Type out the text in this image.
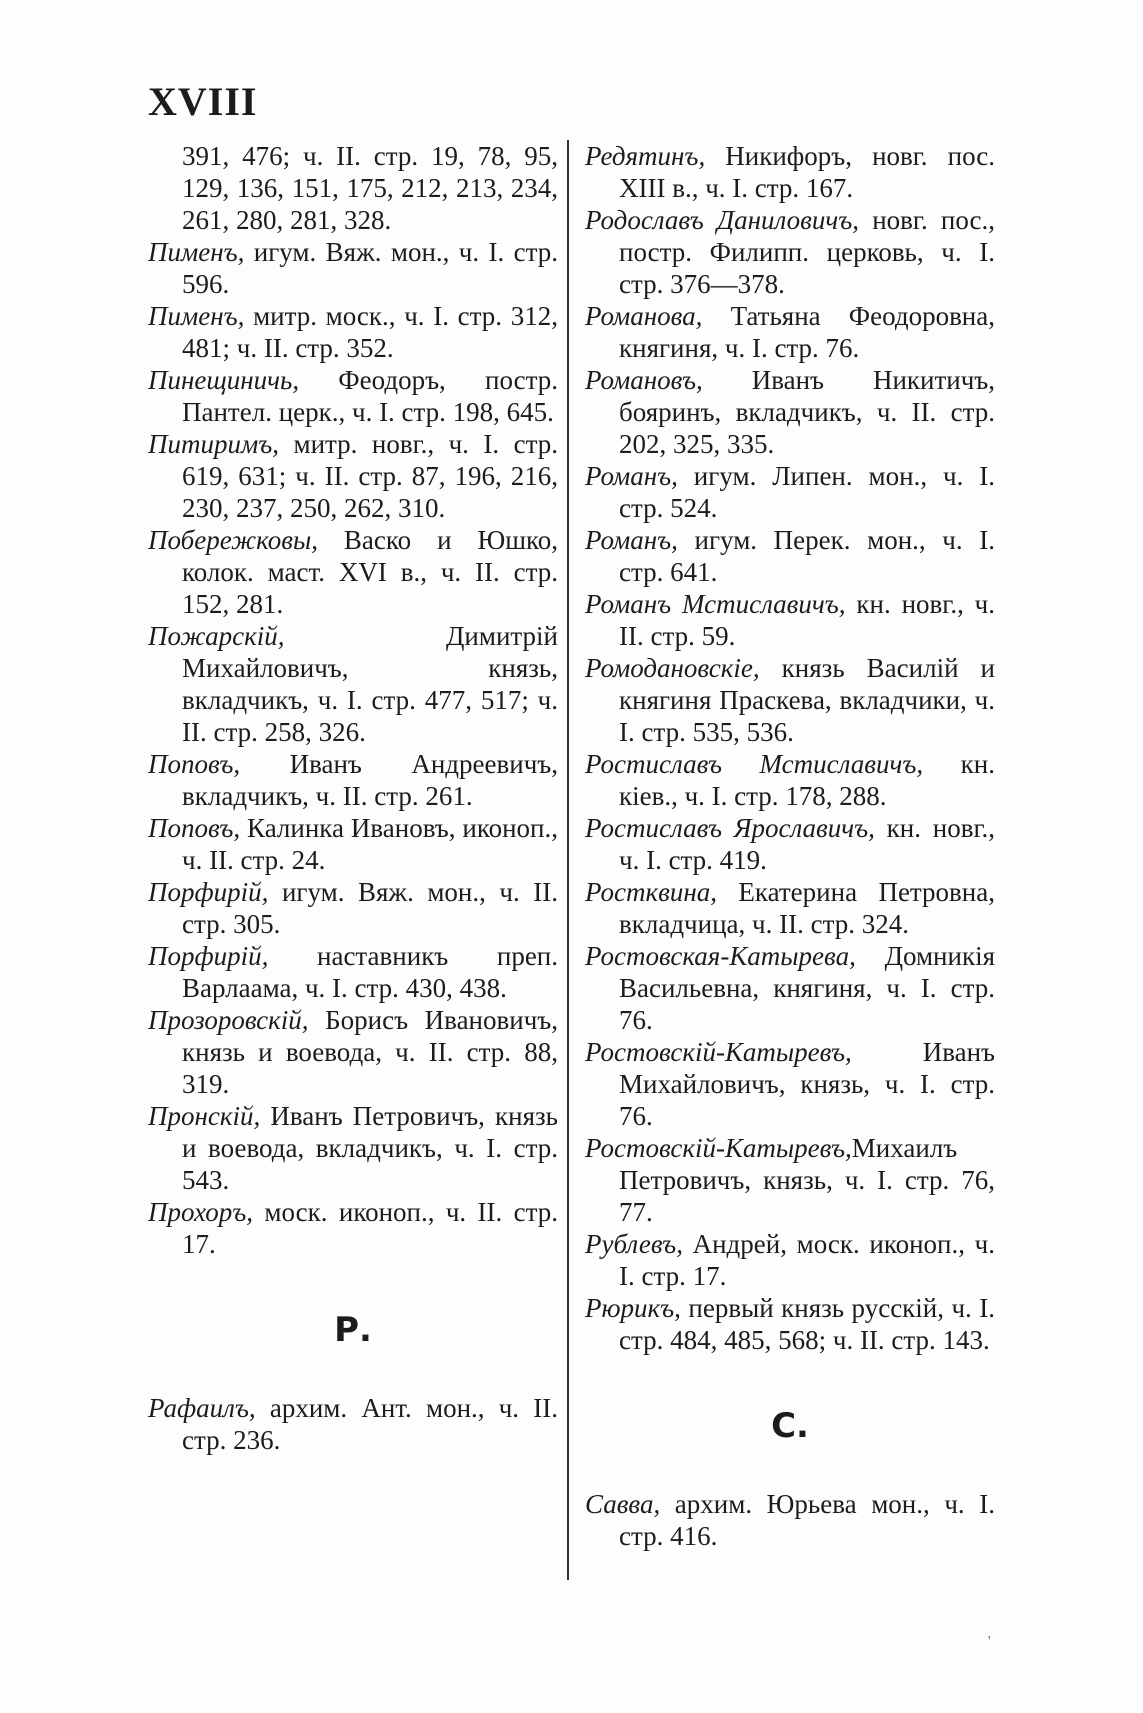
XVIII

391, 476; ч. II. стр. 19, 78, 95, 129, 136, 151, 175, 212, 213, 234, 261, 280, 281, 328.

Пименъ, игум. Вяж. мон., ч. I. стр. 596.

Пименъ, митр. моск., ч. I. стр. 312, 481; ч. II. стр. 352.

Пинещиничь, Феодоръ, постр. Пантел. церк., ч. I. стр. 198, 645.

Питиримъ, митр. новг., ч. I. стр. 619, 631; ч. II. стр. 87, 196, 216, 230, 237, 250, 262, 310.

Побережковы, Васко и Юшко, колок. маст. XVI в., ч. II. стр. 152, 281.

Пожарскій, Димитрій Михайловичъ, князь, вкладчикъ, ч. I. стр. 477, 517; ч. II. стр. 258, 326.

Поповъ, Иванъ Андреевичъ, вкладчикъ, ч. II. стр. 261.

Поповъ, Калинка Ивановъ, иконоп., ч. II. стр. 24.

Порфирій, игум. Вяж. мон., ч. II. стр. 305.

Порфирій, наставникъ преп. Варлаама, ч. I. стр. 430, 438.

Прозоровскій, Борисъ Ивановичъ, князь и воевода, ч. II. стр. 88, 319.

Пронскій, Иванъ Петровичъ, князь и воевода, вкладчикъ, ч. I. стр. 543.

Прохоръ, моск. иконоп., ч. II. стр. 17.

Р.

Рафаилъ, архим. Ант. мон., ч. II. стр. 236.

Редятинъ, Никифоръ, новг. пос. XIII в., ч. I. стр. 167.

Родославъ Даниловичъ, новг. пос., постр. Филипп. церковь, ч. I. стр. 376—378.

Романова, Татьяна Феодоровна, княгиня, ч. I. стр. 76.

Романовъ, Иванъ Никитичъ, бояринъ, вкладчикъ, ч. II. стр. 202, 325, 335.

Романъ, игум. Липен. мон., ч. I. стр. 524.

Романъ, игум. Перек. мон., ч. I. стр. 641.

Романъ Мстиславичъ, кн. новг., ч. II. стр. 59.

Ромодановскіе, князь Василій и княгиня Праскева, вкладчики, ч. I. стр. 535, 536.

Ростиславъ Мстиславичъ, кн. кіев., ч. I. стр. 178, 288.

Ростиславъ Ярославичъ, кн. новг., ч. I. стр. 419.

Ростквина, Екатерина Петровна, вкладчица, ч. II. стр. 324.

Ростовская-Катырева, Домникія Васильевна, княгиня, ч. I. стр. 76.

Ростовскій-Катыревъ, Иванъ Михайловичъ, князь, ч. I. стр. 76.

Ростовскій-Катыревъ,Михаилъ Петровичъ, князь, ч. I. стр. 76, 77.

Рублевъ, Андрей, моск. иконоп., ч. I. стр. 17.

Рюрикъ, первый князь русскій, ч. I. стр. 484, 485, 568; ч. II. стр. 143.

С.

Савва, архим. Юрьева мон., ч. I. стр. 416.

'
